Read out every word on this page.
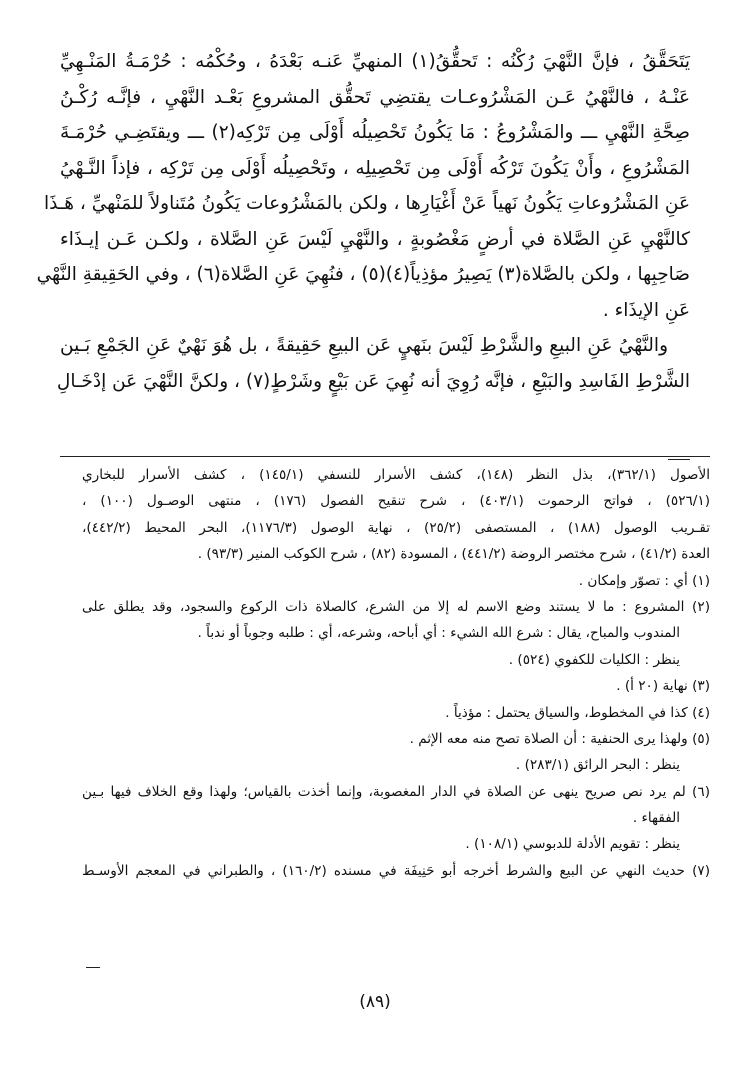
يَتَحَقَّقُ ، فإنَّ النَّهْيَ رُكْنُه : تَحقُّقُ(١) المنهيِّ عَنـه بَعْدَهُ ، وحُكْمُه : حُرْمَـةُ المَنْـهِيِّ
عَنْـهُ ، فالنَّهْيُ عَـن المَشْرُوعـات يقتضِي تَحقُّق المشروعِ بَعْـد النَّهْيِ ، فإنَّـه رُكْـنُ
صِحَّةِ النَّهْيِ ـــ والمَشْرُوعُ : مَا يَكُونُ تَحْصِيلُه أَوْلَى مِن تَرْكِه(٢) ـــ ويقتَضِـي حُرْمَـةَ
المَشْرُوعِ ، وأَنْ يَكُونَ تَرْكُه أَوْلَى مِن تَحْصِيلِه ، وتَحْصِيلُه أَوْلَى مِن تَرْكِه ، فإذاً النَّـهْيُ
عَنِ المَشْرُوعاتِ يَكُونُ نَهياً عَنْ أَغْيَارِها ، ولكن بالمَشْرُوعات يَكُونُ مُتَناولاً للمَنْهيِّ ، هَـذَا
كالنَّهْيِ عَنِ الصَّلاة في أرضٍ مَغْصُوبةٍ ، والنَّهْيِ لَيْسَ عَنِ الصَّلاة ، ولكـن عَـن إيـذَاء
صَاحِبِها ، ولكن بالصَّلاة(٣) يَصِيرُ مؤذِياً(٤)(٥) ، فنُهِيَ عَنِ الصَّلاة(٦) ، وفي الحَقِيقةِ النَّهْي
عَنِ الإيذَاء .
والنَّهْيُ عَنِ البيعِ والشَّرْطِ لَيْسَ بنَهيٍ عَن البيعِ حَقِيقةً ، بل هُوَ نَهْيٌ عَنِ الجَمْعِ بَـين
الشَّرْطِ الفَاسِدِ والبَيْعِ ، فإنَّه رُوِيَ أنه نُهِيَ عَن بَيْعٍ وشَرْطٍ(٧) ، ولكنَّ النَّهْيَ عَن إدْخَـالِ
الأصول (٣٦٢/١)، بذل النظر (١٤٨)، كشف الأسرار للنسفي (١٤٥/١) ، كشف الأسرار للبخاري
(٥٢٦/١) ، فواتح الرحموت (٤٠٣/١) ، شرح تنقيح الفصول (١٧٦) ، منتهى الوصـول (١٠٠) ،
تقـريب الوصول (١٨٨) ، المستصفى (٢٥/٢) ، نهاية الوصول (١١٧٦/٣)، البحر المحيط (٤٤٢/٢)،
العدة (٤١/٢) ، شرح مختصر الروضة (٤٤١/٢) ، المسودة (٨٢) ، شرح الكوكب المنير (٩٣/٣) .
(١) أي : تصوّر وإمكان .
(٢) المشروع : ما لا يستند وضع الاسم له إلا من الشرع، كالصلاة ذات الركوع والسجود، وقد يطلق على
المندوب والمباح، يقال : شرع الله الشيء : أي أباحه، وشرعه، أي : طلبه وجوباً أو ندباً .
ينظر : الكليات للكفوي (٥٢٤) .
(٣) نهاية (٢٠ أ) .
(٤) كذا في المخطوط، والسياق يحتمل : مؤذياً .
(٥) ولهذا يرى الحنفية : أن الصلاة تصح منه معه الإثم .
ينظر : البحر الرائق (٢٨٣/١) .
(٦) لم يرد نص صريح ينهى عن الصلاة في الدار المغصوبة، وإنما أخذت بالقياس؛ ولهذا وقع الخلاف فيها بـين
الفقهاء .
ينظر : تقويم الأدلة للدبوسي (١٠٨/١) .
(٧) حديث النهي عن البيع والشرط أخرجه أبو حَنِيفَة في مسنده (١٦٠/٢) ، والطبراني في المعجم الأوسـط
(٨٩)
